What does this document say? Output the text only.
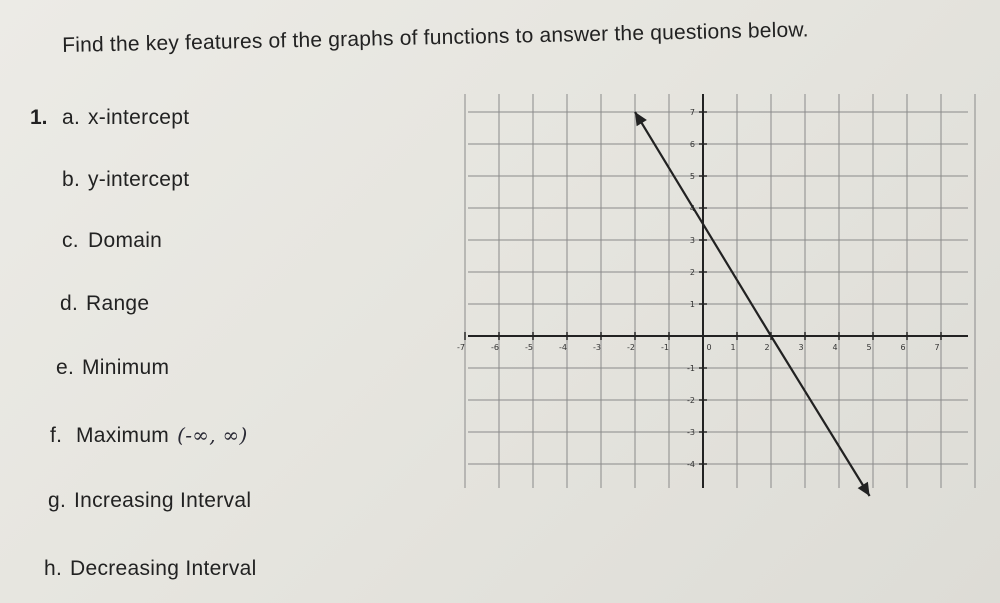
Find the key features of the graphs of functions to answer the questions below.
1. a. x-intercept
b. y-intercept
c. Domain
d. Range
e. Minimum
f. Maximum (-∞, ∞)
g. Increasing Interval
h. Decreasing Interval
-7	-6	-5	-4	-3	-2	-1	0 1	2	3	4	5	6	7
7
6
5
4
3
2
1
-1
-2
-3
-4
